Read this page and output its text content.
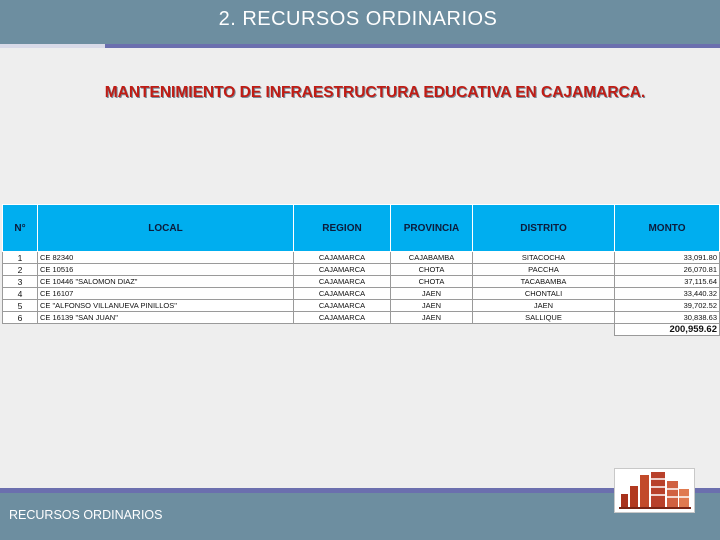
2. RECURSOS ORDINARIOS
MANTENIMIENTO DE INFRAESTRUCTURA EDUCATIVA EN CAJAMARCA.
N°	LOCAL	REGION	PROVINCIA	DISTRITO	MONTO
1	CE 82340	CAJAMARCA	CAJABAMBA	SITACOCHA	33,091.80
2	CE 10516	CAJAMARCA	CHOTA	PACCHA	26,070.81
3	CE 10446 "SALOMON DIAZ"	CAJAMARCA	CHOTA	TACABAMBA	37,115.64
4	CE 16107	CAJAMARCA	JAEN	CHONTALI	33,440.32
5	CE "ALFONSO VILLANUEVA PINILLOS"	CAJAMARCA	JAEN	JAEN	39,702.52
6	CE 16139 "SAN JUAN"	CAJAMARCA	JAEN	SALLIQUE	30,838.63
					200,959.62
RECURSOS ORDINARIOS
